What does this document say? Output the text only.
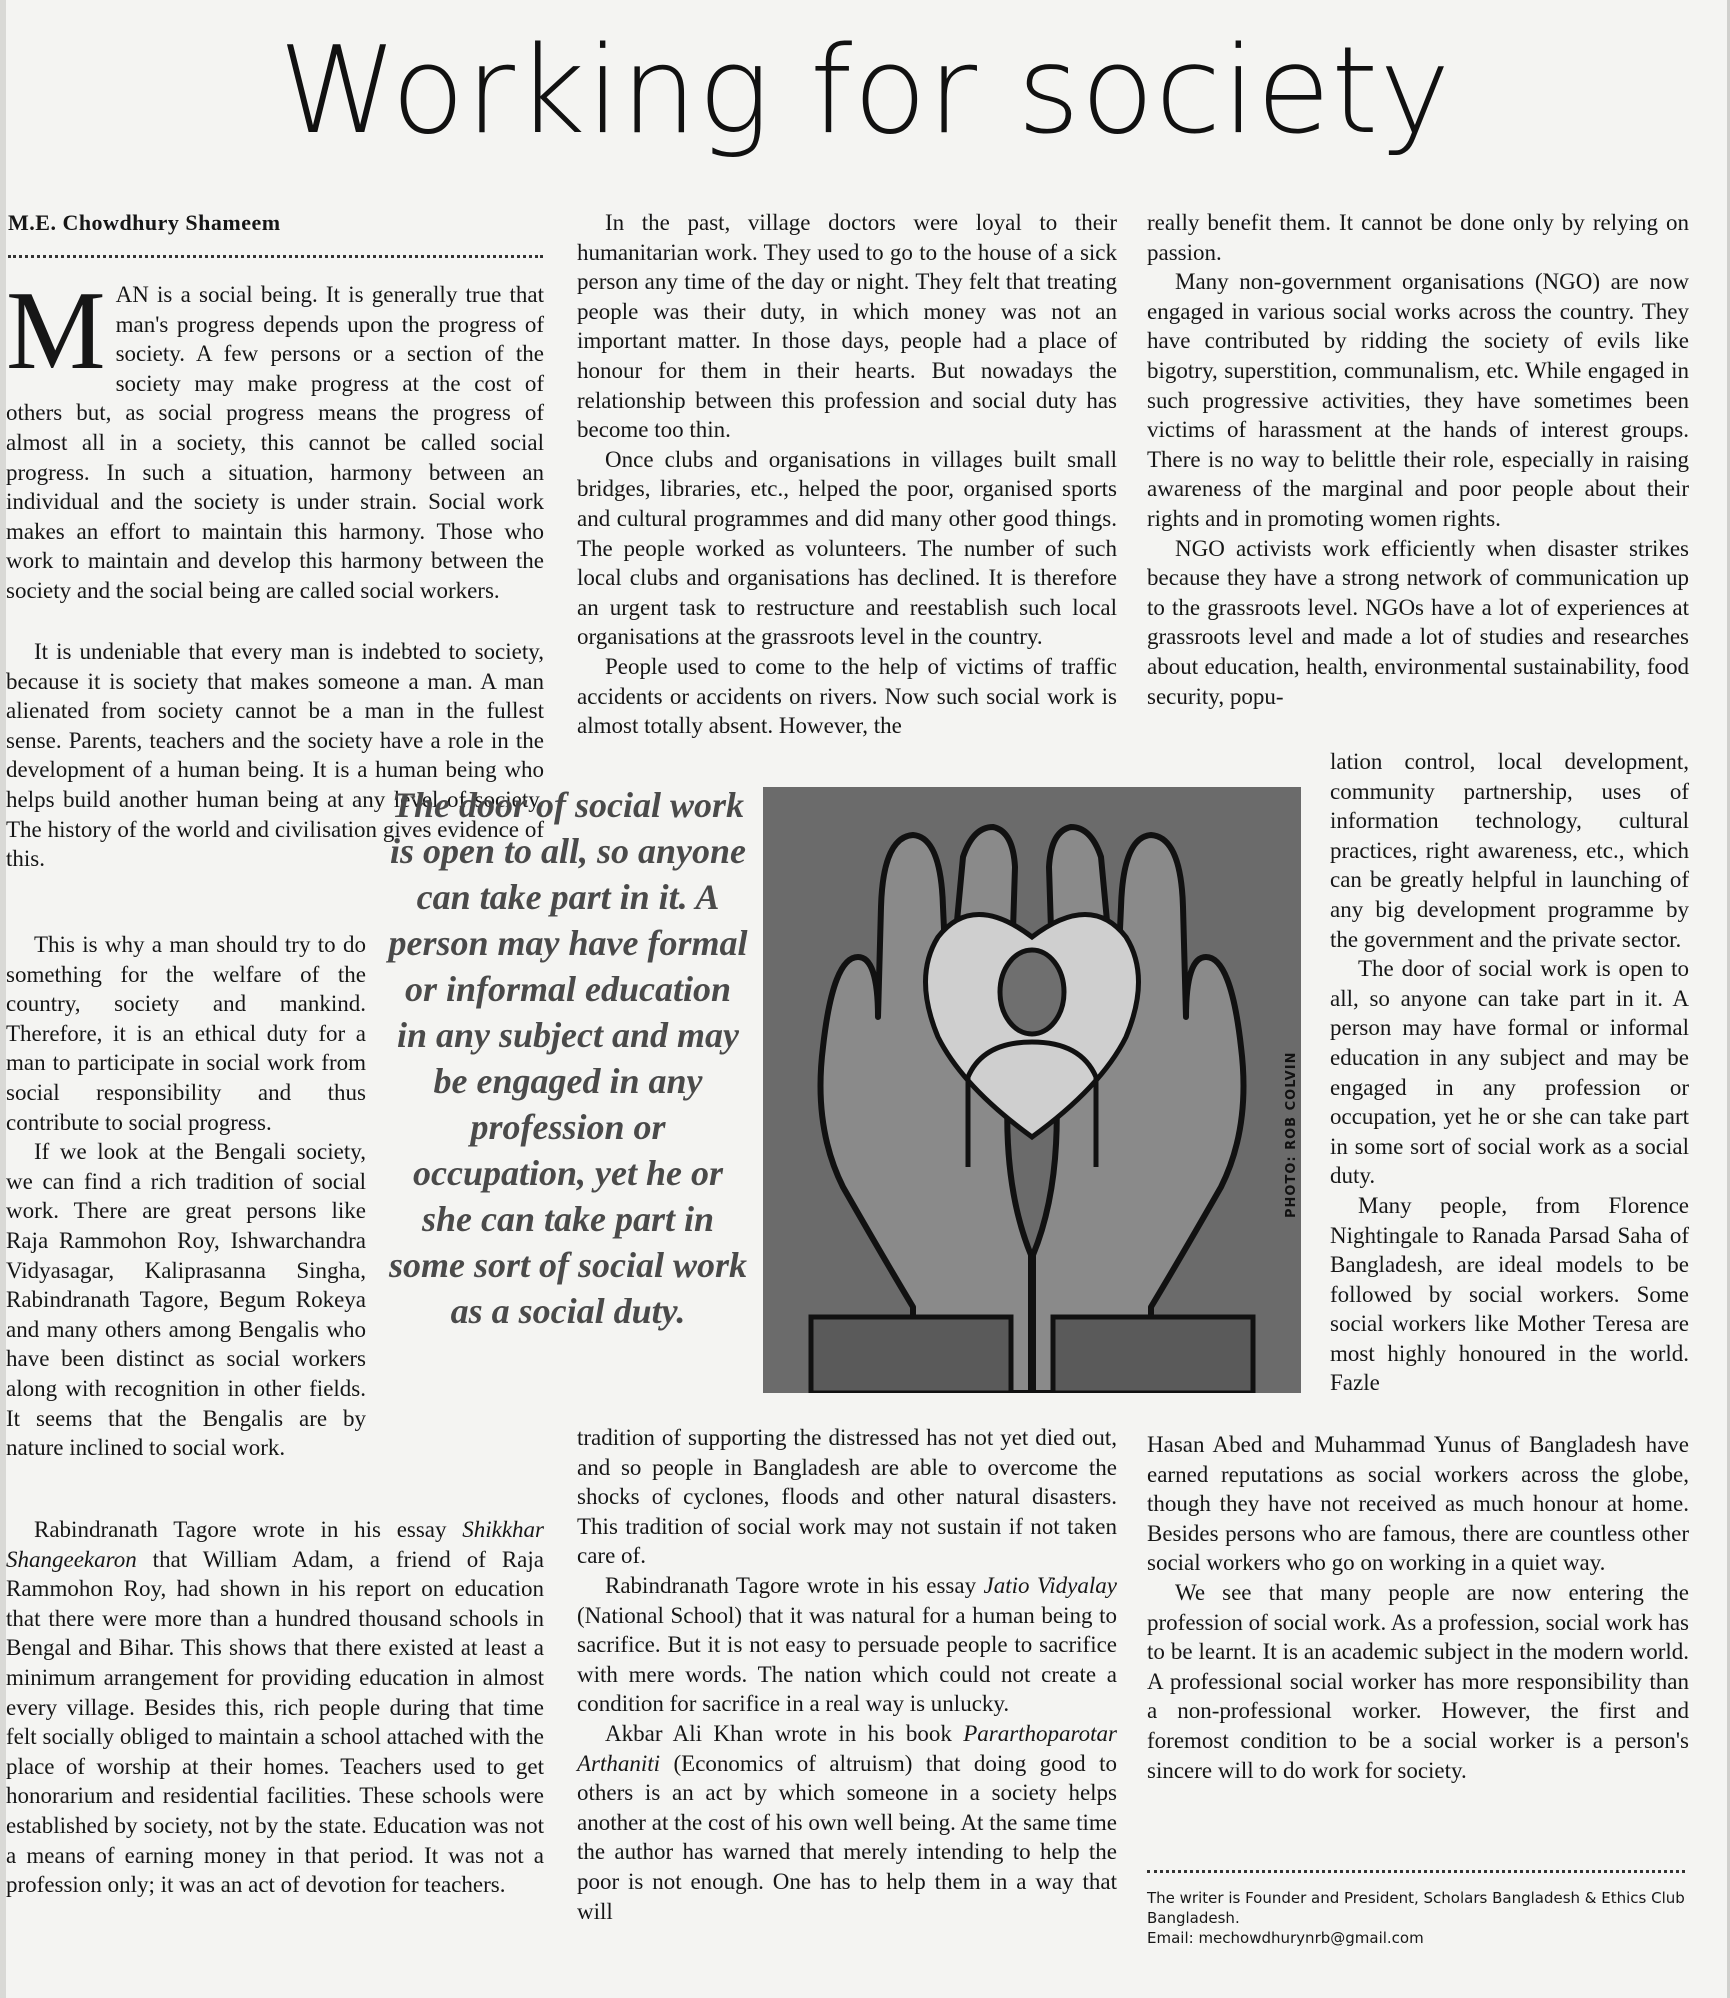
Working for society
M.E. Chowdhury Shameem

MAN is a social being. It is generally true that man's progress depends upon the progress of society. A few persons or a section of the society may make progress at the cost of others but, as social progress means the progress of almost all in a society, this cannot be called social progress. In such a situation, harmony between an individual and the society is under strain. Social work makes an effort to maintain this harmony. Those who work to maintain and develop this harmony between the society and the social being are called social workers.

It is undeniable that every man is indebted to society, because it is society that makes someone a man. A man alienated from society cannot be a man in the fullest sense. Parents, teachers and the society have a role in the development of a human being. It is a human being who helps build another human being at any level of society. The history of the world and civilisation gives evidence of this.

This is why a man should try to do something for the welfare of the country, society and mankind. Therefore, it is an ethical duty for a man to participate in social work from social responsibility and thus contribute to social progress.

If we look at the Bengali society, we can find a rich tradition of social work. There are great persons like Raja Rammohon Roy, Ishwarchandra Vidyasagar, Kaliprasanna Singha, Rabindranath Tagore, Begum Rokeya and many others among Bengalis who have been distinct as social workers along with recognition in other fields. It seems that the Bengalis are by nature inclined to social work.

Rabindranath Tagore wrote in his essay Shikkhar Shangeekaron that William Adam, a friend of Raja Rammohon Roy, had shown in his report on education that there were more than a hundred thousand schools in Bengal and Bihar. This shows that there existed at least a minimum arrangement for providing education in almost every village. Besides this, rich people during that time felt socially obliged to maintain a school attached with the place of worship at their homes. Teachers used to get honorarium and residential facilities. These schools were established by society, not by the state. Education was not a means of earning money in that period. It was not a profession only; it was an act of devotion for teachers.

In the past, village doctors were loyal to their humanitarian work. They used to go to the house of a sick person any time of the day or night. They felt that treating people was their duty, in which money was not an important matter. In those days, people had a place of honour for them in their hearts. But nowadays the relationship between this profession and social duty has become too thin.

Once clubs and organisations in villages built small bridges, libraries, etc., helped the poor, organised sports and cultural programmes and did many other good things. The people worked as volunteers. The number of such local clubs and organisations has declined. It is therefore an urgent task to restructure and reestablish such local organisations at the grassroots level in the country.

People used to come to the help of victims of traffic accidents or accidents on rivers. Now such social work is almost totally absent. However, the

The door of social work is open to all, so anyone can take part in it. A person may have formal or informal education in any subject and may be engaged in any profession or occupation, yet he or she can take part in some sort of social work as a social duty.
PHOTO: ROB COLVIN

tradition of supporting the distressed has not yet died out, and so people in Bangladesh are able to overcome the shocks of cyclones, floods and other natural disasters. This tradition of social work may not sustain if not taken care of.

Rabindranath Tagore wrote in his essay Jatio Vidyalay (National School) that it was natural for a human being to sacrifice. But it is not easy to persuade people to sacrifice with mere words. The nation which could not create a condition for sacrifice in a real way is unlucky.

Akbar Ali Khan wrote in his book Pararthoparotar Arthaniti (Economics of altruism) that doing good to others is an act by which someone in a society helps another at the cost of his own well being. At the same time the author has warned that merely intending to help the poor is not enough. One has to help them in a way that will

really benefit them. It cannot be done only by relying on passion.

Many non-government organisations (NGO) are now engaged in various social works across the country. They have contributed by ridding the society of evils like bigotry, superstition, communalism, etc. While engaged in such progressive activities, they have sometimes been victims of harassment at the hands of interest groups. There is no way to belittle their role, especially in raising awareness of the marginal and poor people about their rights and in promoting women rights.

NGO activists work efficiently when disaster strikes because they have a strong network of communication up to the grassroots level. NGOs have a lot of experiences at grassroots level and made a lot of studies and researches about education, health, environmental sustainability, food security, popu-

lation control, local development, community partnership, uses of information technology, cultural practices, right awareness, etc., which can be greatly helpful in launching of any big development programme by the government and the private sector.

The door of social work is open to all, so anyone can take part in it. A person may have formal or informal education in any subject and may be engaged in any profession or occupation, yet he or she can take part in some sort of social work as a social duty.

Many people, from Florence Nightingale to Ranada Parsad Saha of Bangladesh, are ideal models to be followed by social workers. Some social workers like Mother Teresa are most highly honoured in the world. Fazle

Hasan Abed and Muhammad Yunus of Bangladesh have earned reputations as social workers across the globe, though they have not received as much honour at home. Besides persons who are famous, there are countless other social workers who go on working in a quiet way.

We see that many people are now entering the profession of social work. As a profession, social work has to be learnt. It is an academic subject in the modern world. A professional social worker has more responsibility than a non-professional worker. However, the first and foremost condition to be a social worker is a person's sincere will to do work for society.

The writer is Founder and President, Scholars Bangladesh & Ethics Club Bangladesh.
Email: mechowdhurynrb@gmail.com
